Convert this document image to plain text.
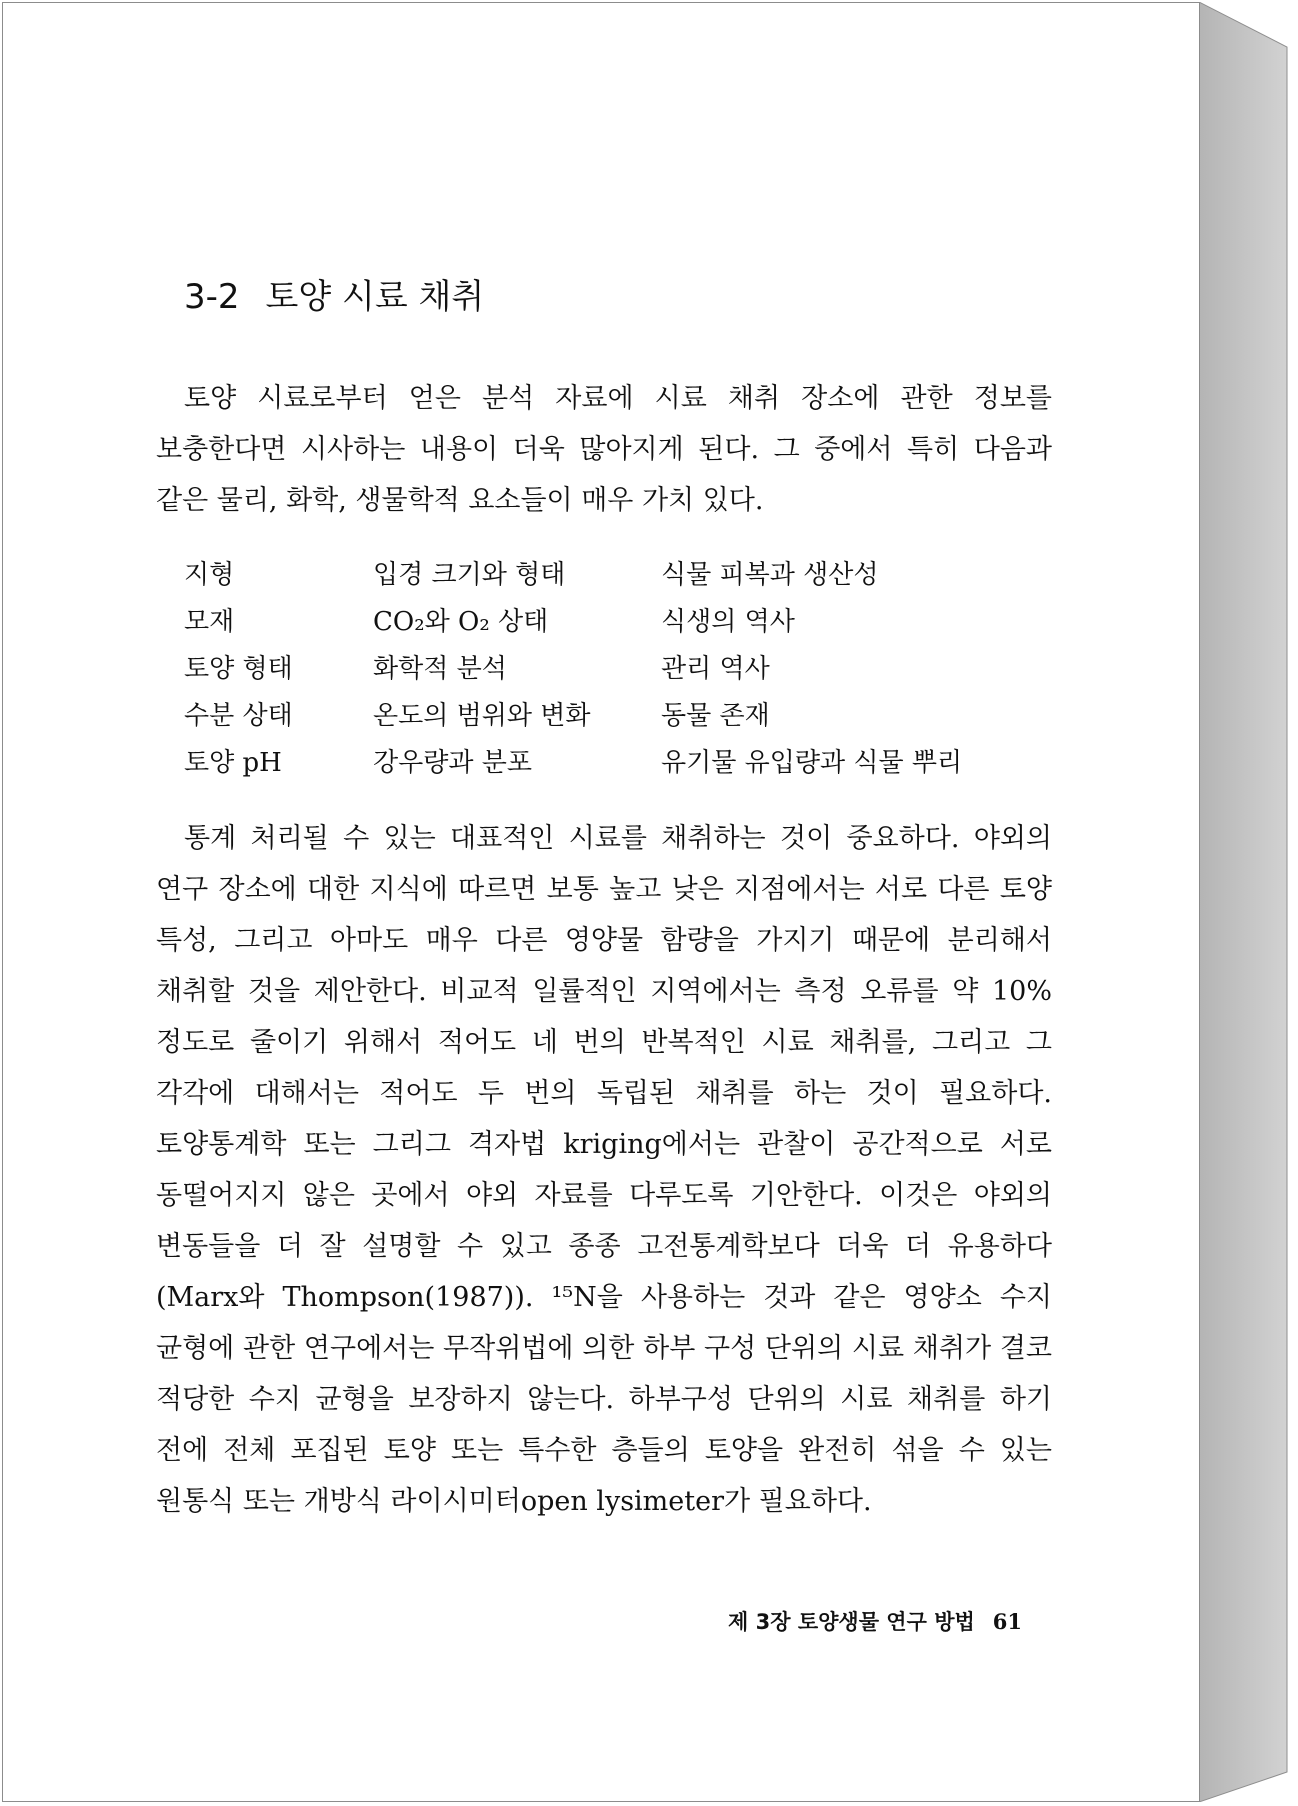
3-2 토양 시료 채취

토양 시료로부터 얻은 분석 자료에 시료 채취 장소에 관한 정보를 보충한다면 시사하는 내용이 더욱 많아지게 된다. 그 중에서 특히 다음과 같은 물리, 화학, 생물학적 요소들이 매우 가치 있다.

지형	입경 크기와 형태	식물 피복과 생산성
모재	CO₂와 O₂ 상태	식생의 역사
토양 형태	화학적 분석	관리 역사
수분 상태	온도의 범위와 변화	동물 존재
토양 pH	강우량과 분포	유기물 유입량과 식물 뿌리

통계 처리될 수 있는 대표적인 시료를 채취하는 것이 중요하다. 야외의 연구 장소에 대한 지식에 따르면 보통 높고 낮은 지점에서는 서로 다른 토양 특성, 그리고 아마도 매우 다른 영양물 함량을 가지기 때문에 분리해서 채취할 것을 제안한다. 비교적 일률적인 지역에서는 측정 오류를 약 10% 정도로 줄이기 위해서 적어도 네 번의 반복적인 시료 채취를, 그리고 그 각각에 대해서는 적어도 두 번의 독립된 채취를 하는 것이 필요하다. 토양통계학 또는 그리그 격자법 kriging에서는 관찰이 공간적으로 서로 동떨어지지 않은 곳에서 야외 자료를 다루도록 기안한다. 이것은 야외의 변동들을 더 잘 설명할 수 있고 종종 고전통계학보다 더욱 더 유용하다(Marx와 Thompson(1987)). ¹⁵N을 사용하는 것과 같은 영양소 수지 균형에 관한 연구에서는 무작위법에 의한 하부 구성 단위의 시료 채취가 결코 적당한 수지 균형을 보장하지 않는다. 하부구성 단위의 시료 채취를 하기 전에 전체 포집된 토양 또는 특수한 층들의 토양을 완전히 섞을 수 있는 원통식 또는 개방식 라이시미터open lysimeter가 필요하다.

제 3장 토양생물 연구 방법 61
